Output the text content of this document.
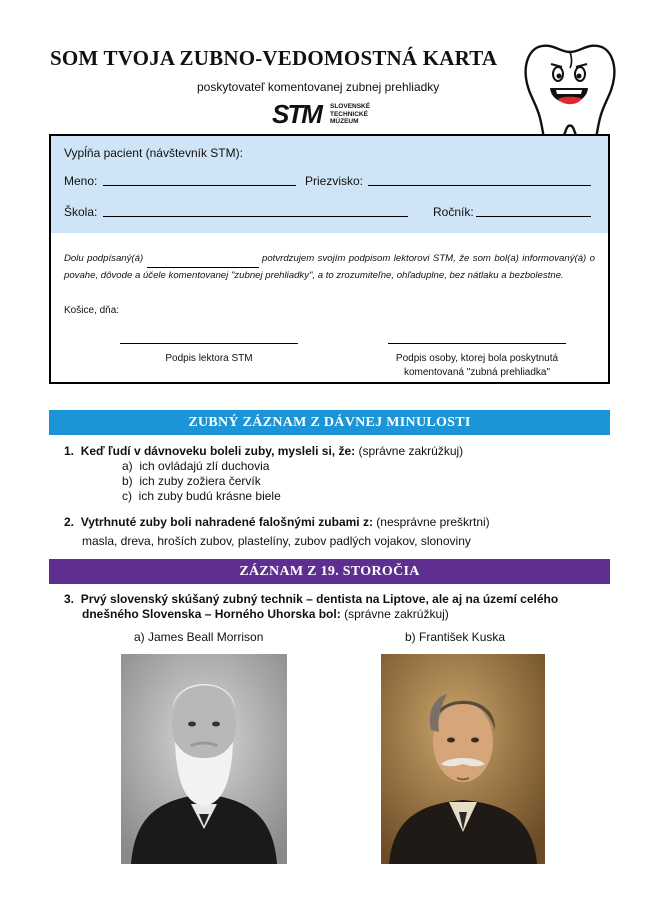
SOM TVOJA ZUBNO-VEDOMOSTNÁ KARTA
poskytovateľ komentovanej zubnej prehliadky
STM SLOVENSKÉ
TECHNICKÉ
MÚZEUM
Vypĺňa pacient (návštevník STM):
Meno:	Priezvisko:
Škola:	Ročník:
Dolu podpísaný(á)	potvrdzujem svojím podpisom lektorovi STM, že som bol(a) informovaný(á) o povahe, dôvode a účele komentovanej "zubnej prehliadky", a to zrozumiteľne, ohľaduplne, bez nátlaku a bezbolestne.
Košice, dňa:
Podpis lektora STM	Podpis osoby, ktorej bola poskytnutá
komentovaná "zubná prehliadka"
ZUBNÝ ZÁZNAM Z DÁVNEJ MINULOSTI
1. Keď ľudí v dávnoveku boleli zuby, mysleli si, že: (správne zakrúžkuj)
a) ich ovládajú zlí duchovia
b) ich zuby zožiera červík
c) ich zuby budú krásne biele
2. Vytrhnuté zuby boli nahradené falošnými zubami z: (nesprávne preškrtni)
masla, dreva, hroších zubov, plastelíny, zubov padlých vojakov, slonoviny
ZÁZNAM Z 19. STOROČIA
3. Prvý slovenský skúšaný zubný technik – dentista na Liptove, ale aj na území celého
dnešného Slovenska – Horného Uhorska bol: (správne zakrúžkuj)
a) James Beall Morrison	b) František Kuska
